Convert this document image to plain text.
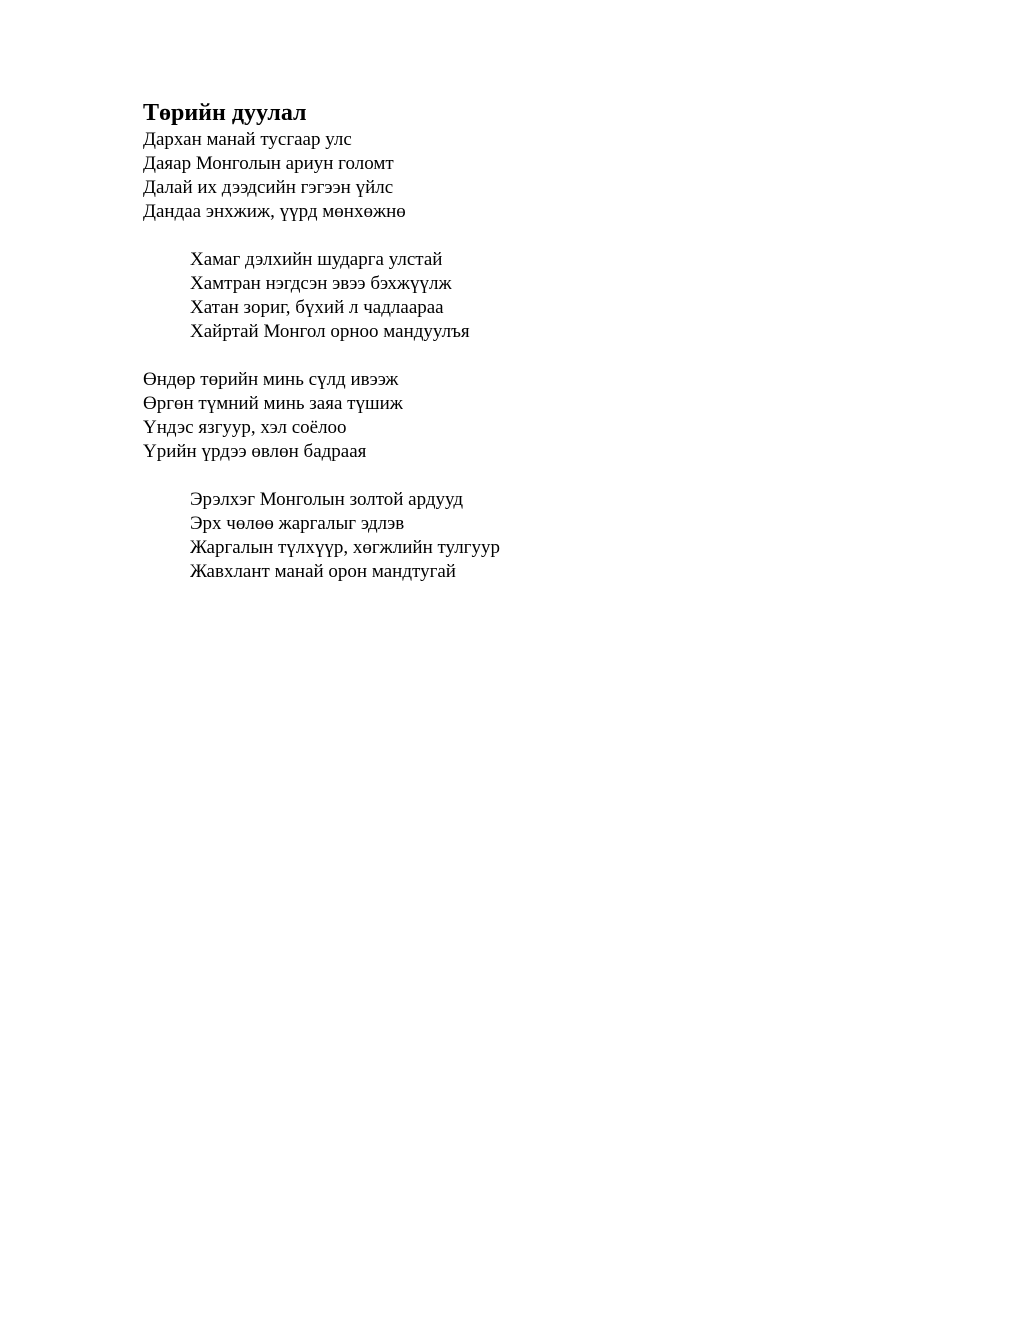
Төрийн дуулал
Дархан манай тусгаар улс
Даяар Монголын ариун голомт
Далай их дээдсийн гэгээн үйлс
Дандаа энхжиж, үүрд мөнхөжнө
Хамаг дэлхийн шударга улстай
Хамтран нэгдсэн эвээ бэхжүүлж
Хатан зориг, бүхий л чадлаараа
Хайртай Монгол орноо мандуулъя
Өндөр төрийн минь сүлд ивээж
Өргөн түмний минь заяа түшиж
Үндэс язгуур, хэл соёлоо
Үрийн үрдээ өвлөн бадраая
Эрэлхэг Монголын золтой ардууд
Эрх чөлөө жаргалыг эдлэв
Жаргалын түлхүүр, хөгжлийн тулгуур
Жавхлант манай орон мандтугай
